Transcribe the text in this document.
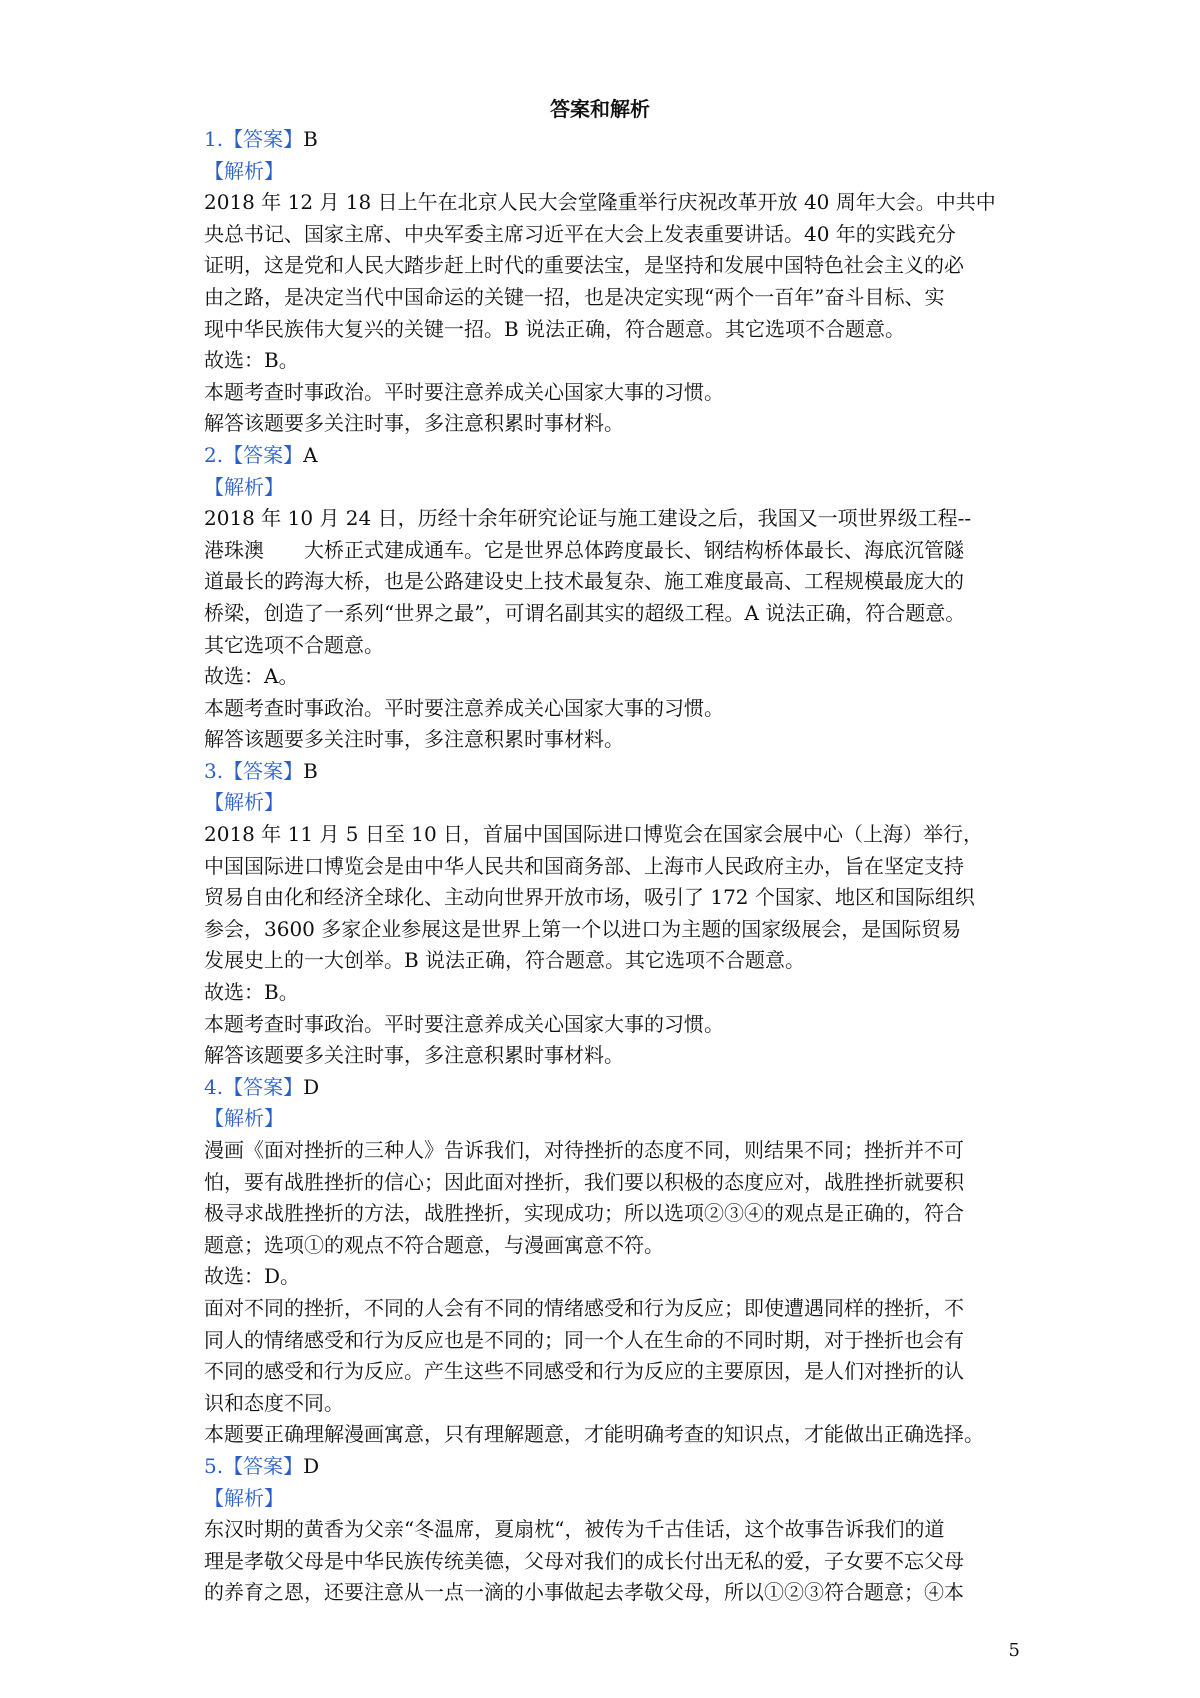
答案和解析
1.【答案】B
【解析】
2018 年 12 月 18 日上午在北京人民大会堂隆重举行庆祝改革开放 40 周年大会。中共中
央总书记、国家主席、中央军委主席习近平在大会上发表重要讲话。40 年的实践充分
证明，这是党和人民大踏步赶上时代的重要法宝，是坚持和发展中国特色社会主义的必
由之路，是决定当代中国命运的关键一招，也是决定实现“两个一百年”奋斗目标、实
现中华民族伟大复兴的关键一招。B 说法正确，符合题意。其它选项不合题意。
故选：B。
本题考查时事政治。平时要注意养成关心国家大事的习惯。
解答该题要多关注时事，多注意积累时事材料。
2.【答案】A
【解析】
2018 年 10 月 24 日，历经十余年研究论证与施工建设之后，我国又一项世界级工程--
港珠澳　　大桥正式建成通车。它是世界总体跨度最长、钢结构桥体最长、海底沉管隧
道最长的跨海大桥，也是公路建设史上技术最复杂、施工难度最高、工程规模最庞大的
桥梁，创造了一系列“世界之最”，可谓名副其实的超级工程。A 说法正确，符合题意。
其它选项不合题意。
故选：A。
本题考查时事政治。平时要注意养成关心国家大事的习惯。
解答该题要多关注时事，多注意积累时事材料。
3.【答案】B
【解析】
2018 年 11 月 5 日至 10 日，首届中国国际进口博览会在国家会展中心（上海）举行，
中国国际进口博览会是由中华人民共和国商务部、上海市人民政府主办，旨在坚定支持
贸易自由化和经济全球化、主动向世界开放市场，吸引了 172 个国家、地区和国际组织
参会，3600 多家企业参展这是世界上第一个以进口为主题的国家级展会，是国际贸易
发展史上的一大创举。B 说法正确，符合题意。其它选项不合题意。
故选：B。
本题考查时事政治。平时要注意养成关心国家大事的习惯。
解答该题要多关注时事，多注意积累时事材料。
4.【答案】D
【解析】
漫画《面对挫折的三种人》告诉我们，对待挫折的态度不同，则结果不同；挫折并不可
怕，要有战胜挫折的信心；因此面对挫折，我们要以积极的态度应对，战胜挫折就要积
极寻求战胜挫折的方法，战胜挫折，实现成功；所以选项②③④的观点是正确的，符合
题意；选项①的观点不符合题意，与漫画寓意不符。
故选：D。
面对不同的挫折，不同的人会有不同的情绪感受和行为反应；即使遭遇同样的挫折，不
同人的情绪感受和行为反应也是不同的；同一个人在生命的不同时期，对于挫折也会有
不同的感受和行为反应。产生这些不同感受和行为反应的主要原因，是人们对挫折的认
识和态度不同。
本题要正确理解漫画寓意，只有理解题意，才能明确考查的知识点，才能做出正确选择。
5.【答案】D
【解析】
东汉时期的黄香为父亲“冬温席，夏扇枕“，被传为千古佳话，这个故事告诉我们的道
理是孝敬父母是中华民族传统美德，父母对我们的成长付出无私的爱，子女要不忘父母
的养育之恩，还要注意从一点一滴的小事做起去孝敬父母，所以①②③符合题意；④本
5
